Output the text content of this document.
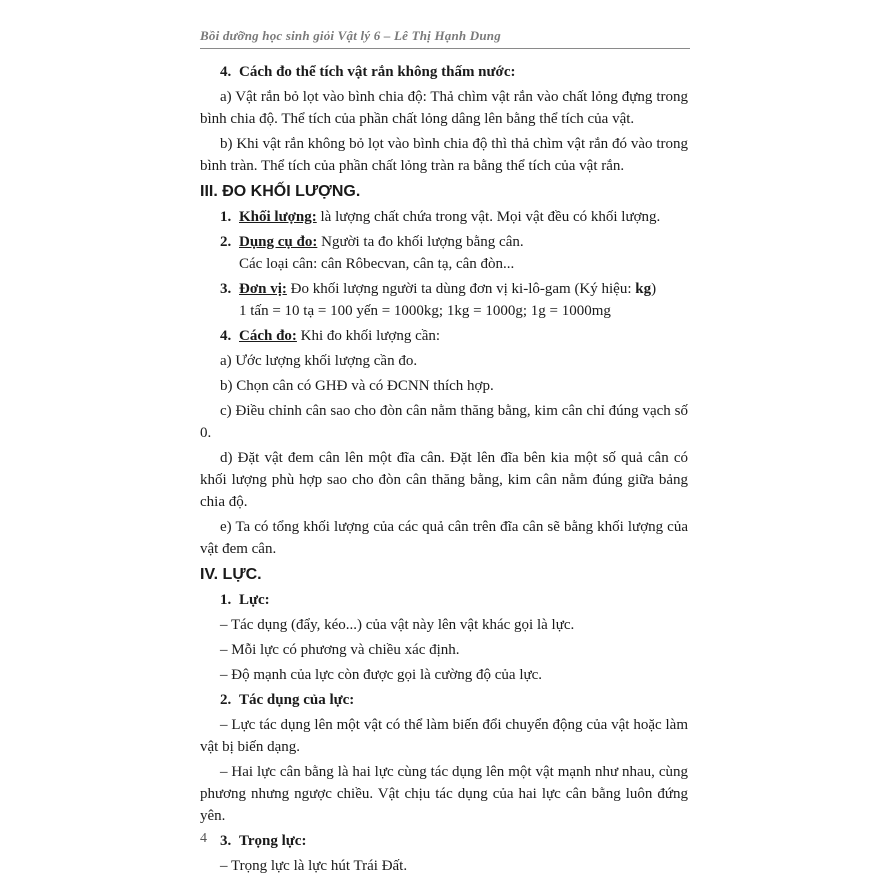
Bồi dưỡng học sinh giỏi Vật lý 6 – Lê Thị Hạnh Dung

4. Cách đo thể tích vật rắn không thấm nước:

a) Vật rắn bỏ lọt vào bình chia độ: Thả chìm vật rắn vào chất lỏng đựng trong bình chia độ. Thể tích của phần chất lỏng dâng lên bằng thể tích của vật.

b) Khi vật rắn không bỏ lọt vào bình chia độ thì thả chìm vật rắn đó vào trong bình tràn. Thể tích của phần chất lỏng tràn ra bằng thể tích của vật rắn.

III. ĐO KHỐI LƯỢNG.

1. Khối lượng: là lượng chất chứa trong vật. Mọi vật đều có khối lượng.

2. Dụng cụ đo: Người ta đo khối lượng bằng cân.

Các loại cân: cân Rôbecvan, cân tạ, cân đòn...

3. Đơn vị: Đo khối lượng người ta dùng đơn vị ki-lô-gam (Ký hiệu: kg)

1 tấn = 10 tạ = 100 yến = 1000kg; 1kg = 1000g; 1g = 1000mg

4. Cách đo: Khi đo khối lượng cần:

a) Ước lượng khối lượng cần đo.

b) Chọn cân có GHĐ và có ĐCNN thích hợp.

c) Điều chỉnh cân sao cho đòn cân nằm thăng bằng, kim cân chỉ đúng vạch số 0.

d) Đặt vật đem cân lên một đĩa cân. Đặt lên đĩa bên kia một số quả cân có khối lượng phù hợp sao cho đòn cân thăng bằng, kim cân nằm đúng giữa bảng chia độ.

e) Ta có tổng khối lượng của các quả cân trên đĩa cân sẽ bằng khối lượng của vật đem cân.

IV. LỰC.

1. Lực:

– Tác dụng (đẩy, kéo...) của vật này lên vật khác gọi là lực.

– Mỗi lực có phương và chiều xác định.

– Độ mạnh của lực còn được gọi là cường độ của lực.

2. Tác dụng của lực:

– Lực tác dụng lên một vật có thể làm biến đổi chuyển động của vật hoặc làm vật bị biến dạng.

– Hai lực cân bằng là hai lực cùng tác dụng lên một vật mạnh như nhau, cùng phương nhưng ngược chiều. Vật chịu tác dụng của hai lực cân bằng luôn đứng yên.

3. Trọng lực:

– Trọng lực là lực hút Trái Đất.

4
